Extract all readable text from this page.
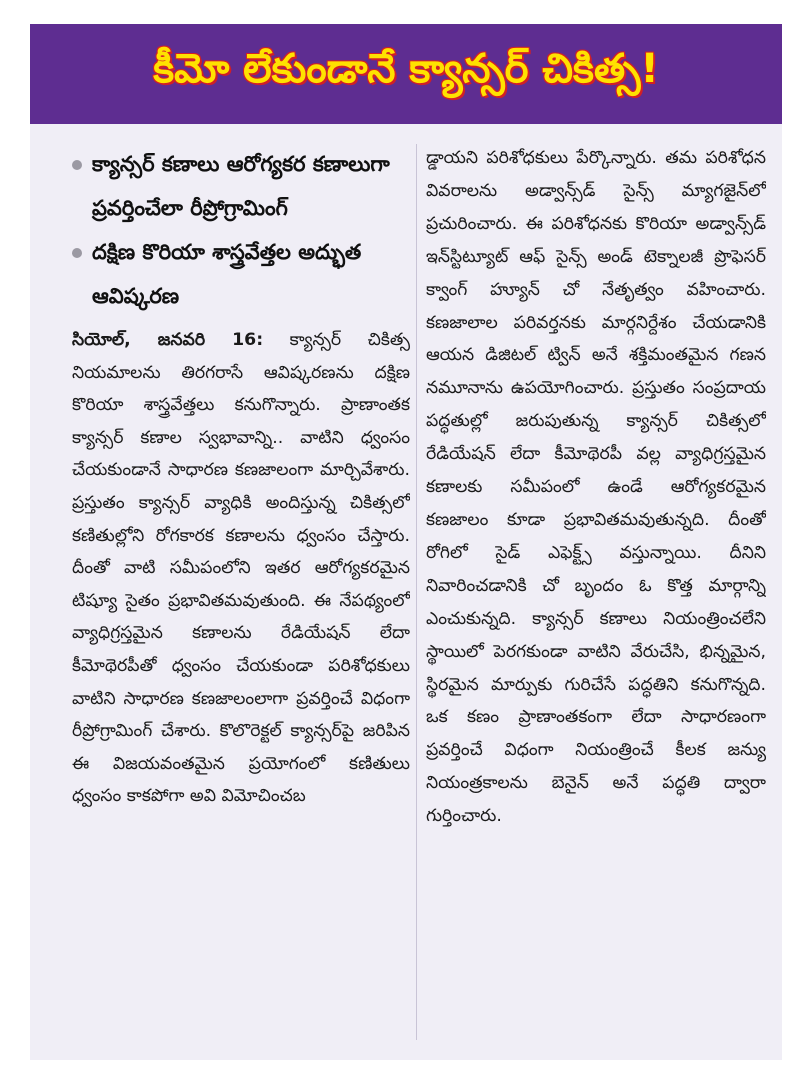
కీమో లేకుండానే క్యాన్సర్ చికిత్స!
క్యాన్సర్ కణాలు ఆరోగ్యకర కణాలుగా ప్రవర్తించేలా రీప్రోగ్రామింగ్
దక్షిణ కొరియా శాస్త్రవేత్తల అద్భుత ఆవిష్కరణ

సియోల్, జనవరి 16: క్యాన్సర్ చికిత్స నియమాలను తిరగరాసే ఆవిష్కరణను దక్షిణ కొరియా శాస్త్రవేత్తలు కనుగొన్నారు. ప్రాణాంతక క్యాన్సర్ కణాల స్వభావాన్ని.. వాటిని ధ్వంసం చేయకుండానే సాధారణ కణజాలంగా మార్చివేశారు. ప్రస్తుతం క్యాన్సర్ వ్యాధికి అందిస్తున్న చికిత్సలో కణితుల్లోని రోగకారక కణాలను ధ్వంసం చేస్తారు. దీంతో వాటి సమీపంలోని ఇతర ఆరోగ్యకరమైన టిష్యూ సైతం ప్రభావితమవుతుంది. ఈ నేపథ్యంలో వ్యాధిగ్రస్తమైన కణాలను రేడియేషన్ లేదా కీమోథెరపీతో ధ్వంసం చేయకుండా పరిశోధకులు వాటిని సాధారణ కణజాలంలాగా ప్రవర్తించే విధంగా రీప్రోగ్రామింగ్ చేశారు. కొలొరెక్టల్ క్యాన్సర్‌పై జరిపిన ఈ విజయవంతమైన ప్రయోగంలో కణితులు ధ్వంసం కాకపోగా అవి విమోచించబ

డ్డాయని పరిశోధకులు పేర్కొన్నారు. తమ పరిశోధన వివరాలను అడ్వాన్స్‌డ్ సైన్స్ మ్యాగజైన్‌లో ప్రచురించారు. ఈ పరిశోధనకు కొరియా అడ్వాన్స్‌డ్ ఇన్‌స్టిట్యూట్ ఆఫ్ సైన్స్ అండ్ టెక్నాలజీ ప్రొఫెసర్ క్వాంగ్ హ్యూన్ చో నేతృత్వం వహించారు. కణజాలాల పరివర్తనకు మార్గనిర్దేశం చేయడానికి ఆయన డిజిటల్ ట్విన్ అనే శక్తిమంతమైన గణన నమూనాను ఉపయోగించారు. ప్రస్తుతం సంప్రదాయ పద్ధతుల్లో జరుపుతున్న క్యాన్సర్ చికిత్సలో రేడియేషన్ లేదా కీమోథెరపీ వల్ల వ్యాధిగ్రస్తమైన కణాలకు సమీపంలో ఉండే ఆరోగ్యకరమైన కణజాలం కూడా ప్రభావితమవుతున్నది. దీంతో రోగిలో సైడ్ ఎఫెక్ట్స్ వస్తున్నాయి. దీనిని నివారించడానికి చో బృందం ఓ కొత్త మార్గాన్ని ఎంచుకున్నది. క్యాన్సర్ కణాలు నియంత్రించలేని స్థాయిలో పెరగకుండా వాటిని వేరుచేసి, భిన్నమైన, స్థిరమైన మార్పుకు గురిచేసే పద్ధతిని కనుగొన్నది. ఒక కణం ప్రాణాంతకంగా లేదా సాధారణంగా ప్రవర్తించే విధంగా నియంత్రించే కీలక జన్యు నియంత్రకాలను బెనైన్ అనే పద్ధతి ద్వారా గుర్తించారు.
